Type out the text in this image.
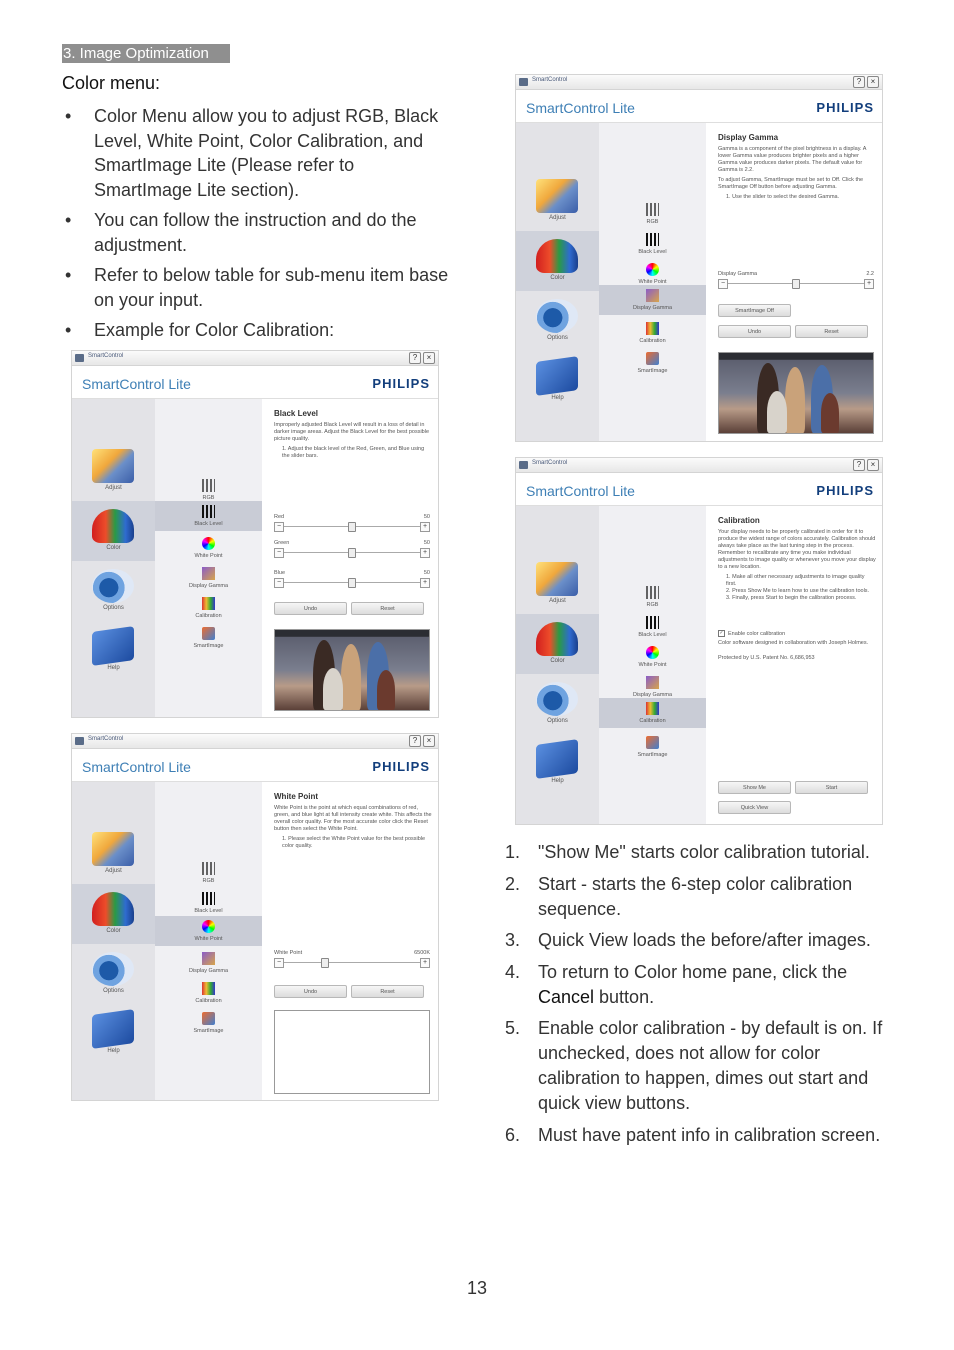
3. Image Optimization
Color menu:
• Color Menu allow you to adjust RGB, Black Level, White Point, Color Calibration, and SmartImage Lite (Please refer to SmartImage Lite section).
• You can follow the instruction and do the adjustment.
• Refer to below table for sub-menu item base on your input.
• Example for Color Calibration:
SmartControl	?	×
SmartControl Lite	PHILIPS
Adjust
Color
Options
Help
RGB
Black Level
White Point
Display Gamma
Calibration
SmartImage
Black Level
Improperly adjusted Black Level will result in a loss of detail in darker image areas. Adjust the Black Level for the best possible picture quality.
1. Adjust the black level of the Red, Green, and Blue using the slider bars.
Red	50
−	+
Green	50
−	+
Blue	50
−	+
Undo	Reset
SmartControl	?	×
SmartControl Lite	PHILIPS
Adjust
Color
Options
Help
RGB
Black Level
White Point
Display Gamma
Calibration
SmartImage
White Point
White Point is the point at which equal combinations of red, green, and blue light at full intensity create white. This affects the overall color quality. For the most accurate color click the Reset button then select the White Point.
1. Please select the White Point value for the best possible color quality.
White Point	6500K
−	+
Undo	Reset
SmartControl	?	×
SmartControl Lite	PHILIPS
Adjust
Color
Options
Help
RGB
Black Level
White Point
Display Gamma
Calibration
SmartImage
Display Gamma
Gamma is a component of the pixel brightness in a display. A lower Gamma value produces brighter pixels and a higher Gamma value produces darker pixels. The default value for Gamma is 2.2.
To adjust Gamma, SmartImage must be set to Off. Click the SmartImage Off button before adjusting Gamma.
1. Use the slider to select the desired Gamma.
Display Gamma	2.2
−	+
SmartImage Off
Undo	Reset
SmartControl	?	×
SmartControl Lite	PHILIPS
Adjust
Color
Options
Help
RGB
Black Level
White Point
Display Gamma
Calibration
SmartImage
Calibration
Your display needs to be properly calibrated in order for it to produce the widest range of colors accurately. Calibration should always take place as the last tuning step in the process. Remember to recalibrate any time you make individual adjustments to image quality or whenever you move your display to a new location.
1. Make all other necessary adjustments to image quality first.
2. Press Show Me to learn how to use the calibration tools.
3. Finally, press Start to begin the calibration process.
✓ Enable color calibration
Color software designed in collaboration with Joseph Holmes.
Protected by U.S. Patent No. 6,686,953
Show Me	Start
Quick View
1. "Show Me" starts color calibration tutorial.
2. Start - starts the 6-step color calibration sequence.
3. Quick View loads the before/after images.
4. To return to Color home pane, click the Cancel button.
5. Enable color calibration - by default is on. If unchecked, does not allow for color calibration to happen, dimes out start and quick view buttons.
6. Must have patent info in calibration screen.
13
